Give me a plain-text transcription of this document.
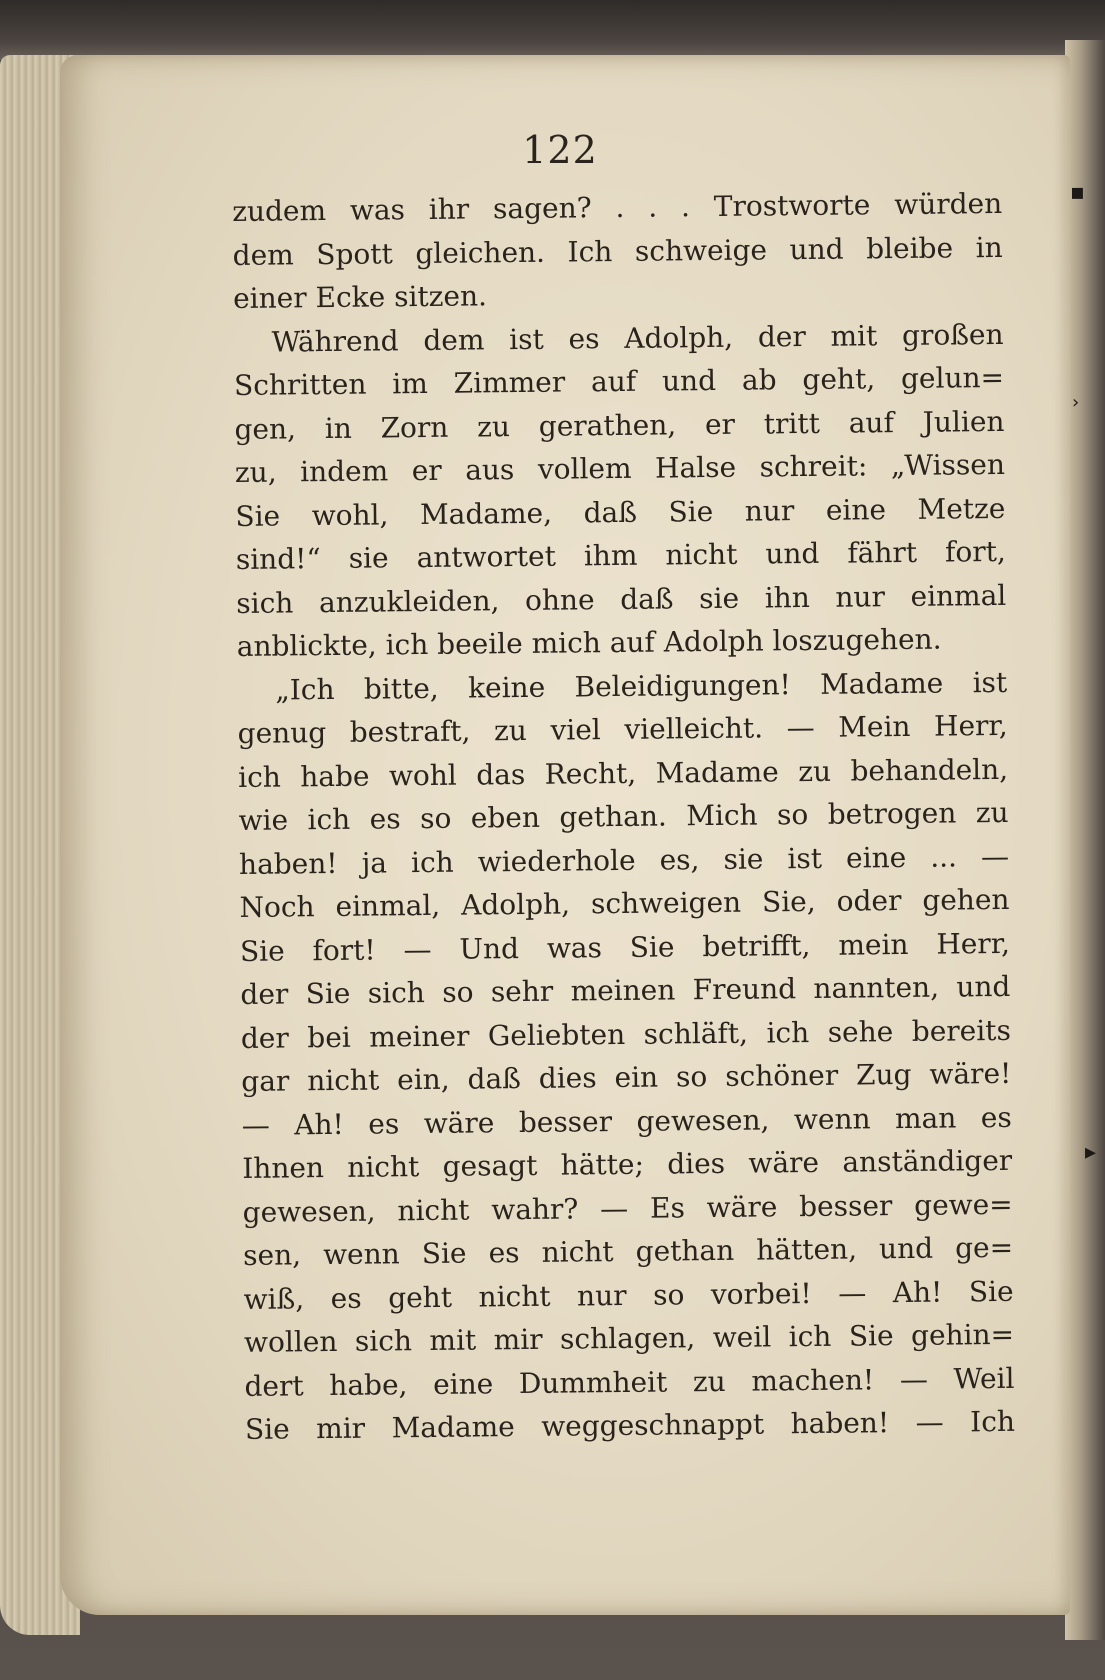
122
zudem was ihr sagen? . . . Trostworte würden
dem Spott gleichen. Ich schweige und bleibe in
einer Ecke sitzen.
Während dem ist es Adolph, der mit großen
Schritten im Zimmer auf und ab geht, gelun=
gen, in Zorn zu gerathen, er tritt auf Julien
zu, indem er aus vollem Halse schreit: „Wissen
Sie wohl, Madame, daß Sie nur eine Metze
sind!“ sie antwortet ihm nicht und fährt fort,
sich anzukleiden, ohne daß sie ihn nur einmal
anblickte, ich beeile mich auf Adolph loszugehen.
„Ich bitte, keine Beleidigungen! Madame ist
genug bestraft, zu viel vielleicht. — Mein Herr,
ich habe wohl das Recht, Madame zu behandeln,
wie ich es so eben gethan. Mich so betrogen zu
haben! ja ich wiederhole es, sie ist eine ... —
Noch einmal, Adolph, schweigen Sie, oder gehen
Sie fort! — Und was Sie betrifft, mein Herr,
der Sie sich so sehr meinen Freund nannten, und
der bei meiner Geliebten schläft, ich sehe bereits
gar nicht ein, daß dies ein so schöner Zug wäre!
— Ah! es wäre besser gewesen, wenn man es
Ihnen nicht gesagt hätte; dies wäre anständiger
gewesen, nicht wahr? — Es wäre besser gewe=
sen, wenn Sie es nicht gethan hätten, und ge=
wiß, es geht nicht nur so vorbei! — Ah! Sie
wollen sich mit mir schlagen, weil ich Sie gehin=
dert habe, eine Dummheit zu machen! — Weil
Sie mir Madame weggeschnappt haben! — Ich
▪
›
▸
